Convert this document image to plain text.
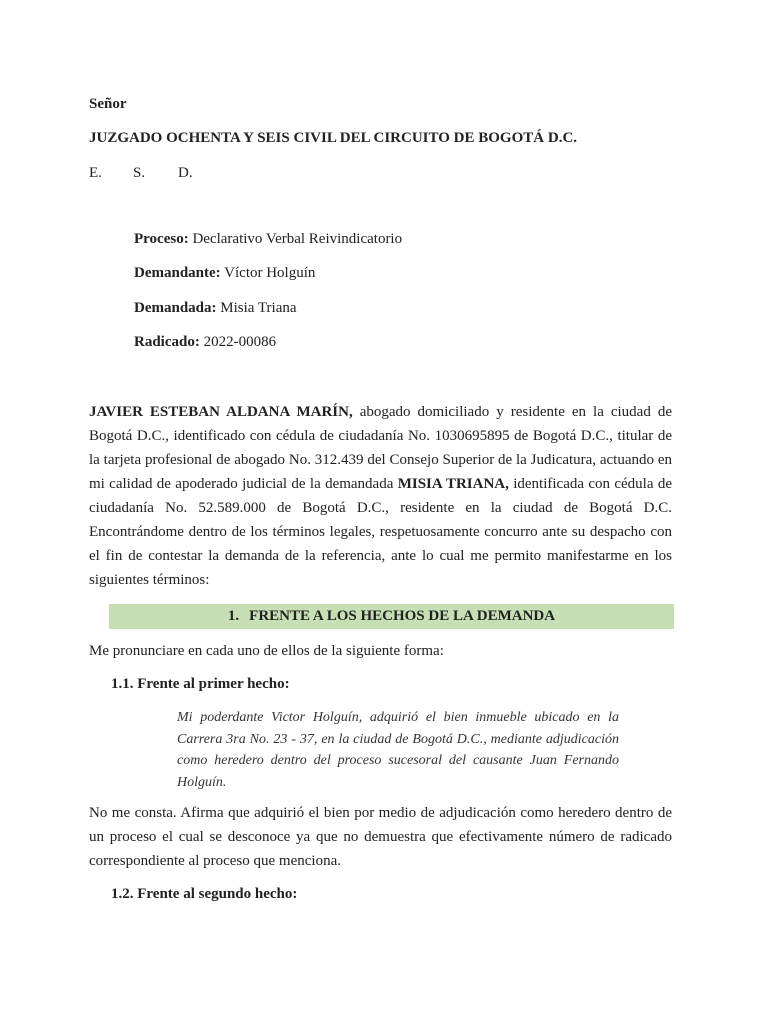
Señor
JUZGADO OCHENTA Y SEIS CIVIL DEL CIRCUITO DE BOGOTÁ D.C.
E. S. D.
Proceso: Declarativo Verbal Reivindicatorio
Demandante: Víctor Holguín
Demandada: Misia Triana
Radicado: 2022-00086
JAVIER ESTEBAN ALDANA MARÍN, abogado domiciliado y residente en la ciudad de Bogotá D.C., identificado con cédula de ciudadanía No. 1030695895 de Bogotá D.C., titular de la tarjeta profesional de abogado No. 312.439 del Consejo Superior de la Judicatura, actuando en mi calidad de apoderado judicial de la demandada MISIA TRIANA, identificada con cédula de ciudadanía No. 52.589.000 de Bogotá D.C., residente en la ciudad de Bogotá D.C. Encontrándome dentro de los términos legales, respetuosamente concurro ante su despacho con el fin de contestar la demanda de la referencia, ante lo cual me permito manifestarme en los siguientes términos:
1. FRENTE A LOS HECHOS DE LA DEMANDA
Me pronunciare en cada uno de ellos de la siguiente forma:
1.1. Frente al primer hecho:
Mi poderdante Victor Holguín, adquirió el bien inmueble ubicado en la Carrera 3ra No. 23 - 37, en la ciudad de Bogotá D.C., mediante adjudicación como heredero dentro del proceso sucesoral del causante Juan Fernando Holguín.
No me consta. Afirma que adquirió el bien por medio de adjudicación como heredero dentro de un proceso el cual se desconoce ya que no demuestra que efectivamente número de radicado correspondiente al proceso que menciona.
1.2. Frente al segundo hecho:
